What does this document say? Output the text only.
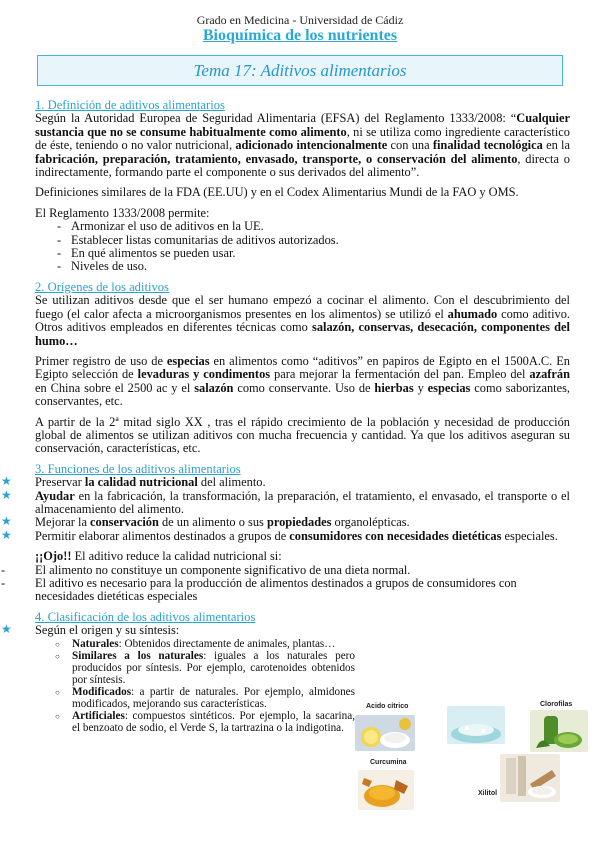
Grado en Medicina - Universidad de Cádiz
Bioquímica de los nutrientes
Tema 17: Aditivos alimentarios
1. Definición de aditivos alimentarios

Según la Autoridad Europea de Seguridad Alimentaria (EFSA) del Reglamento 1333/2008: “Cualquier sustancia que no se consume habitualmente como alimento, ni se utiliza como ingrediente característico de éste, teniendo o no valor nutricional, adicionado intencionalmente con una finalidad tecnológica en la fabricación, preparación, tratamiento, envasado, transporte, o conservación del alimento, directa o indirectamente, formando parte el componente o sus derivados del alimento”.

Definiciones similares de la FDA (EE.UU) y en el Codex Alimentarius Mundi de la FAO y OMS.

El Reglamento 1333/2008 permite:

- Armonizar el uso de aditivos en la UE.
- Establecer listas comunitarias de aditivos autorizados.
- En qué alimentos se pueden usar.
- Niveles de uso.
2. Orígenes de los aditivos

Se utilizan aditivos desde que el ser humano empezó a cocinar el alimento. Con el descubrimiento del fuego (el calor afecta a microorganismos presentes en los alimentos) se utilizó el ahumado como aditivo. Otros aditivos empleados en diferentes técnicas como salazón, conservas, desecación, componentes del humo…

Primer registro de uso de especias en alimentos como “aditivos” en papiros de Egipto en el 1500A.C. En Egipto selección de levaduras y condimentos para mejorar la fermentación del pan. Empleo del azafrán en China sobre el 2500 ac y el salazón como conservante. Uso de hierbas y especias como saborizantes, conservantes, etc.

A partir de la 2ª mitad siglo XX , tras el rápido crecimiento de la población y necesidad de producción global de alimentos se utilizan aditivos con mucha frecuencia y cantidad. Ya que los aditivos aseguran su conservación, características, etc.

3. Funciones de los aditivos alimentarios
★ Preservar la calidad nutricional del alimento.
★ Ayudar en la fabricación, la transformación, la preparación, el tratamiento, el envasado, el transporte o el almacenamiento del alimento.
★ Mejorar la conservación de un alimento o sus propiedades organolépticas.
★ Permitir elaborar alimentos destinados a grupos de consumidores con necesidades dietéticas especiales.

¡¡Ojo!! El aditivo reduce la calidad nutricional si:

- El alimento no constituye un componente significativo de una dieta normal.
- El aditivo es necesario para la producción de alimentos destinados a grupos de consumidores con necesidades dietéticas especiales
4. Clasificación de los aditivos alimentarios
★ Según el origen y su síntesis:
○ Naturales: Obtenidos directamente de animales, plantas…
○ Similares a los naturales: iguales a los naturales pero producidos por síntesis. Por ejemplo, carotenoides obtenidos por síntesis.
○ Modificados: a partir de naturales. Por ejemplo, almidones modificados, mejorando sus características.
○ Artificiales: compuestos sintéticos. Por ejemplo, la sacarina, el benzoato de sodio, el Verde S, la tartrazina o la indigotina.
Acido cítrico	Clorofilas
Curcumina
Xilitol
